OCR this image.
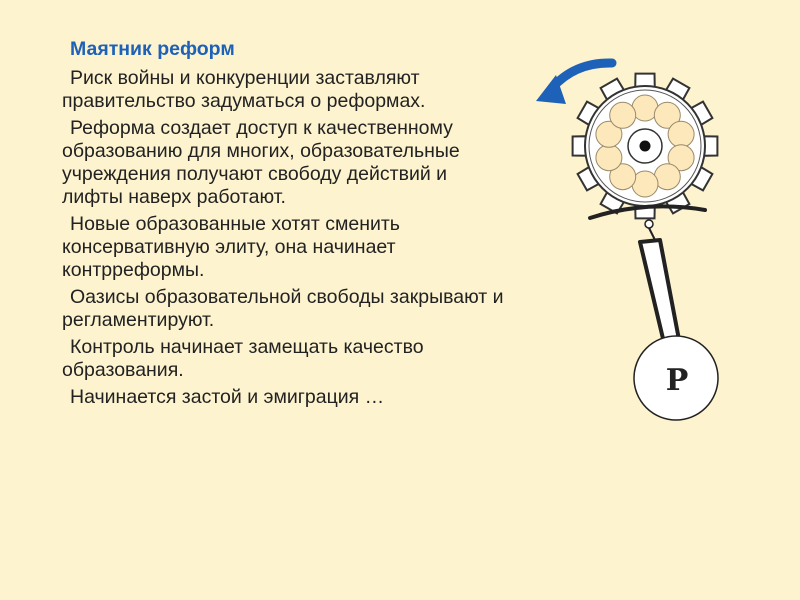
Маятник реформ
Риск войны и конкуренции заставляют правительство задуматься о реформах.
Реформа создает доступ к качественному образованию для многих, образовательные учреждения получают свободу действий и лифты наверх работают.
Новые образованные хотят сменить консервативную элиту, она начинает контрреформы.
Оазисы образовательной свободы закрывают и регламентируют.
Контроль начинает замещать качество образования.
Начинается застой и эмиграция …	P
